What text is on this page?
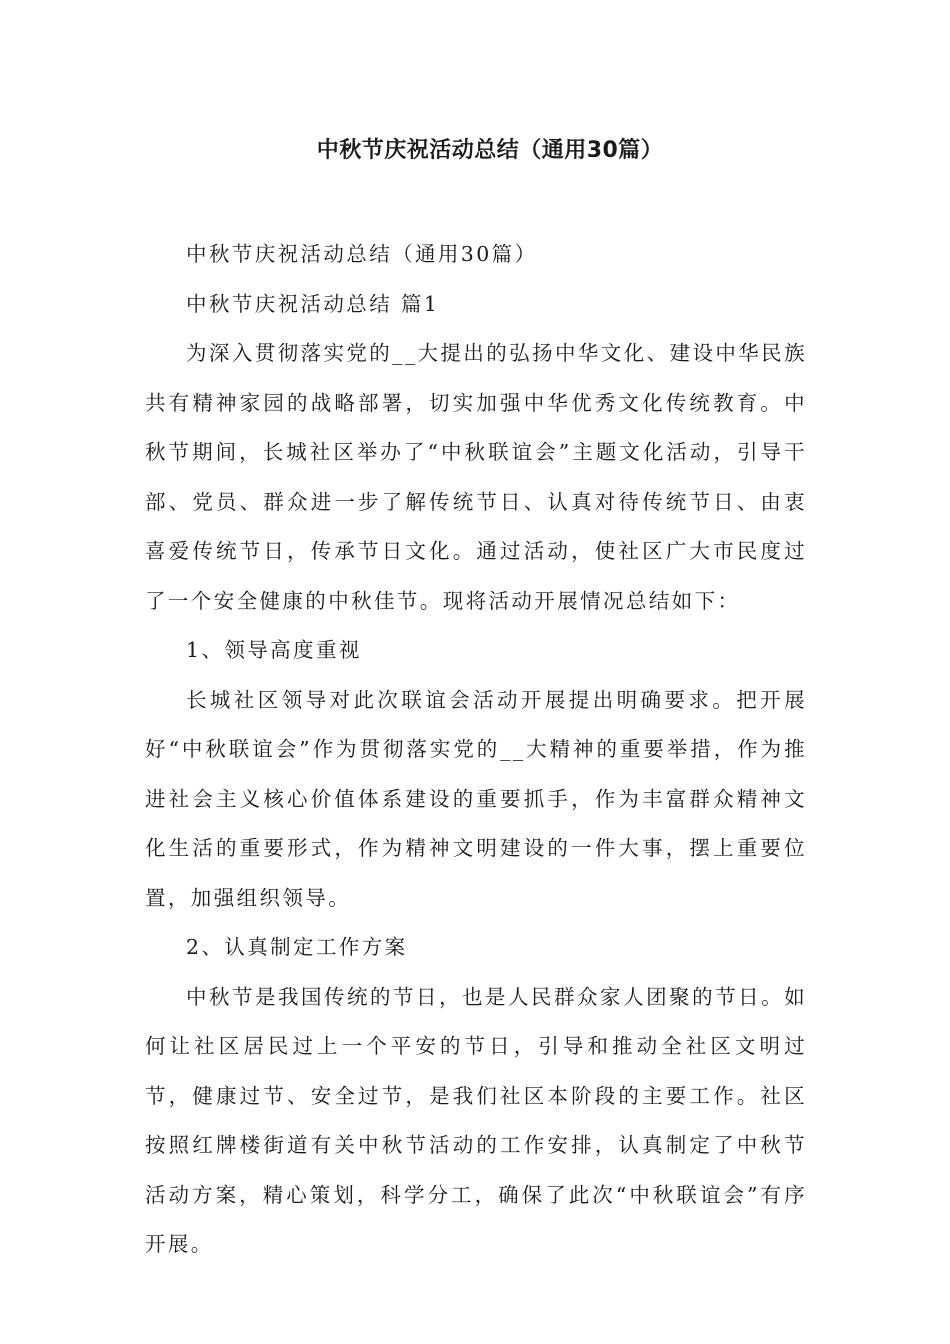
中秋节庆祝活动总结（通用30篇）

中秋节庆祝活动总结（通用30篇）

中秋节庆祝活动总结 篇1

为深入贯彻落实党的__大提出的弘扬中华文化、建设中华民族共有精神家园的战略部署，切实加强中华优秀文化传统教育。中秋节期间，长城社区举办了“中秋联谊会”主题文化活动，引导干部、党员、群众进一步了解传统节日、认真对待传统节日、由衷喜爱传统节日，传承节日文化。通过活动，使社区广大市民度过了一个安全健康的中秋佳节。现将活动开展情况总结如下：

1、领导高度重视

长城社区领导对此次联谊会活动开展提出明确要求。把开展好“中秋联谊会”作为贯彻落实党的__大精神的重要举措，作为推进社会主义核心价值体系建设的重要抓手，作为丰富群众精神文化生活的重要形式，作为精神文明建设的一件大事，摆上重要位置，加强组织领导。

2、认真制定工作方案

中秋节是我国传统的节日，也是人民群众家人团聚的节日。如何让社区居民过上一个平安的节日，引导和推动全社区文明过节，健康过节、安全过节，是我们社区本阶段的主要工作。社区按照红牌楼街道有关中秋节活动的工作安排，认真制定了中秋节活动方案，精心策划，科学分工，确保了此次“中秋联谊会”有序开展。
